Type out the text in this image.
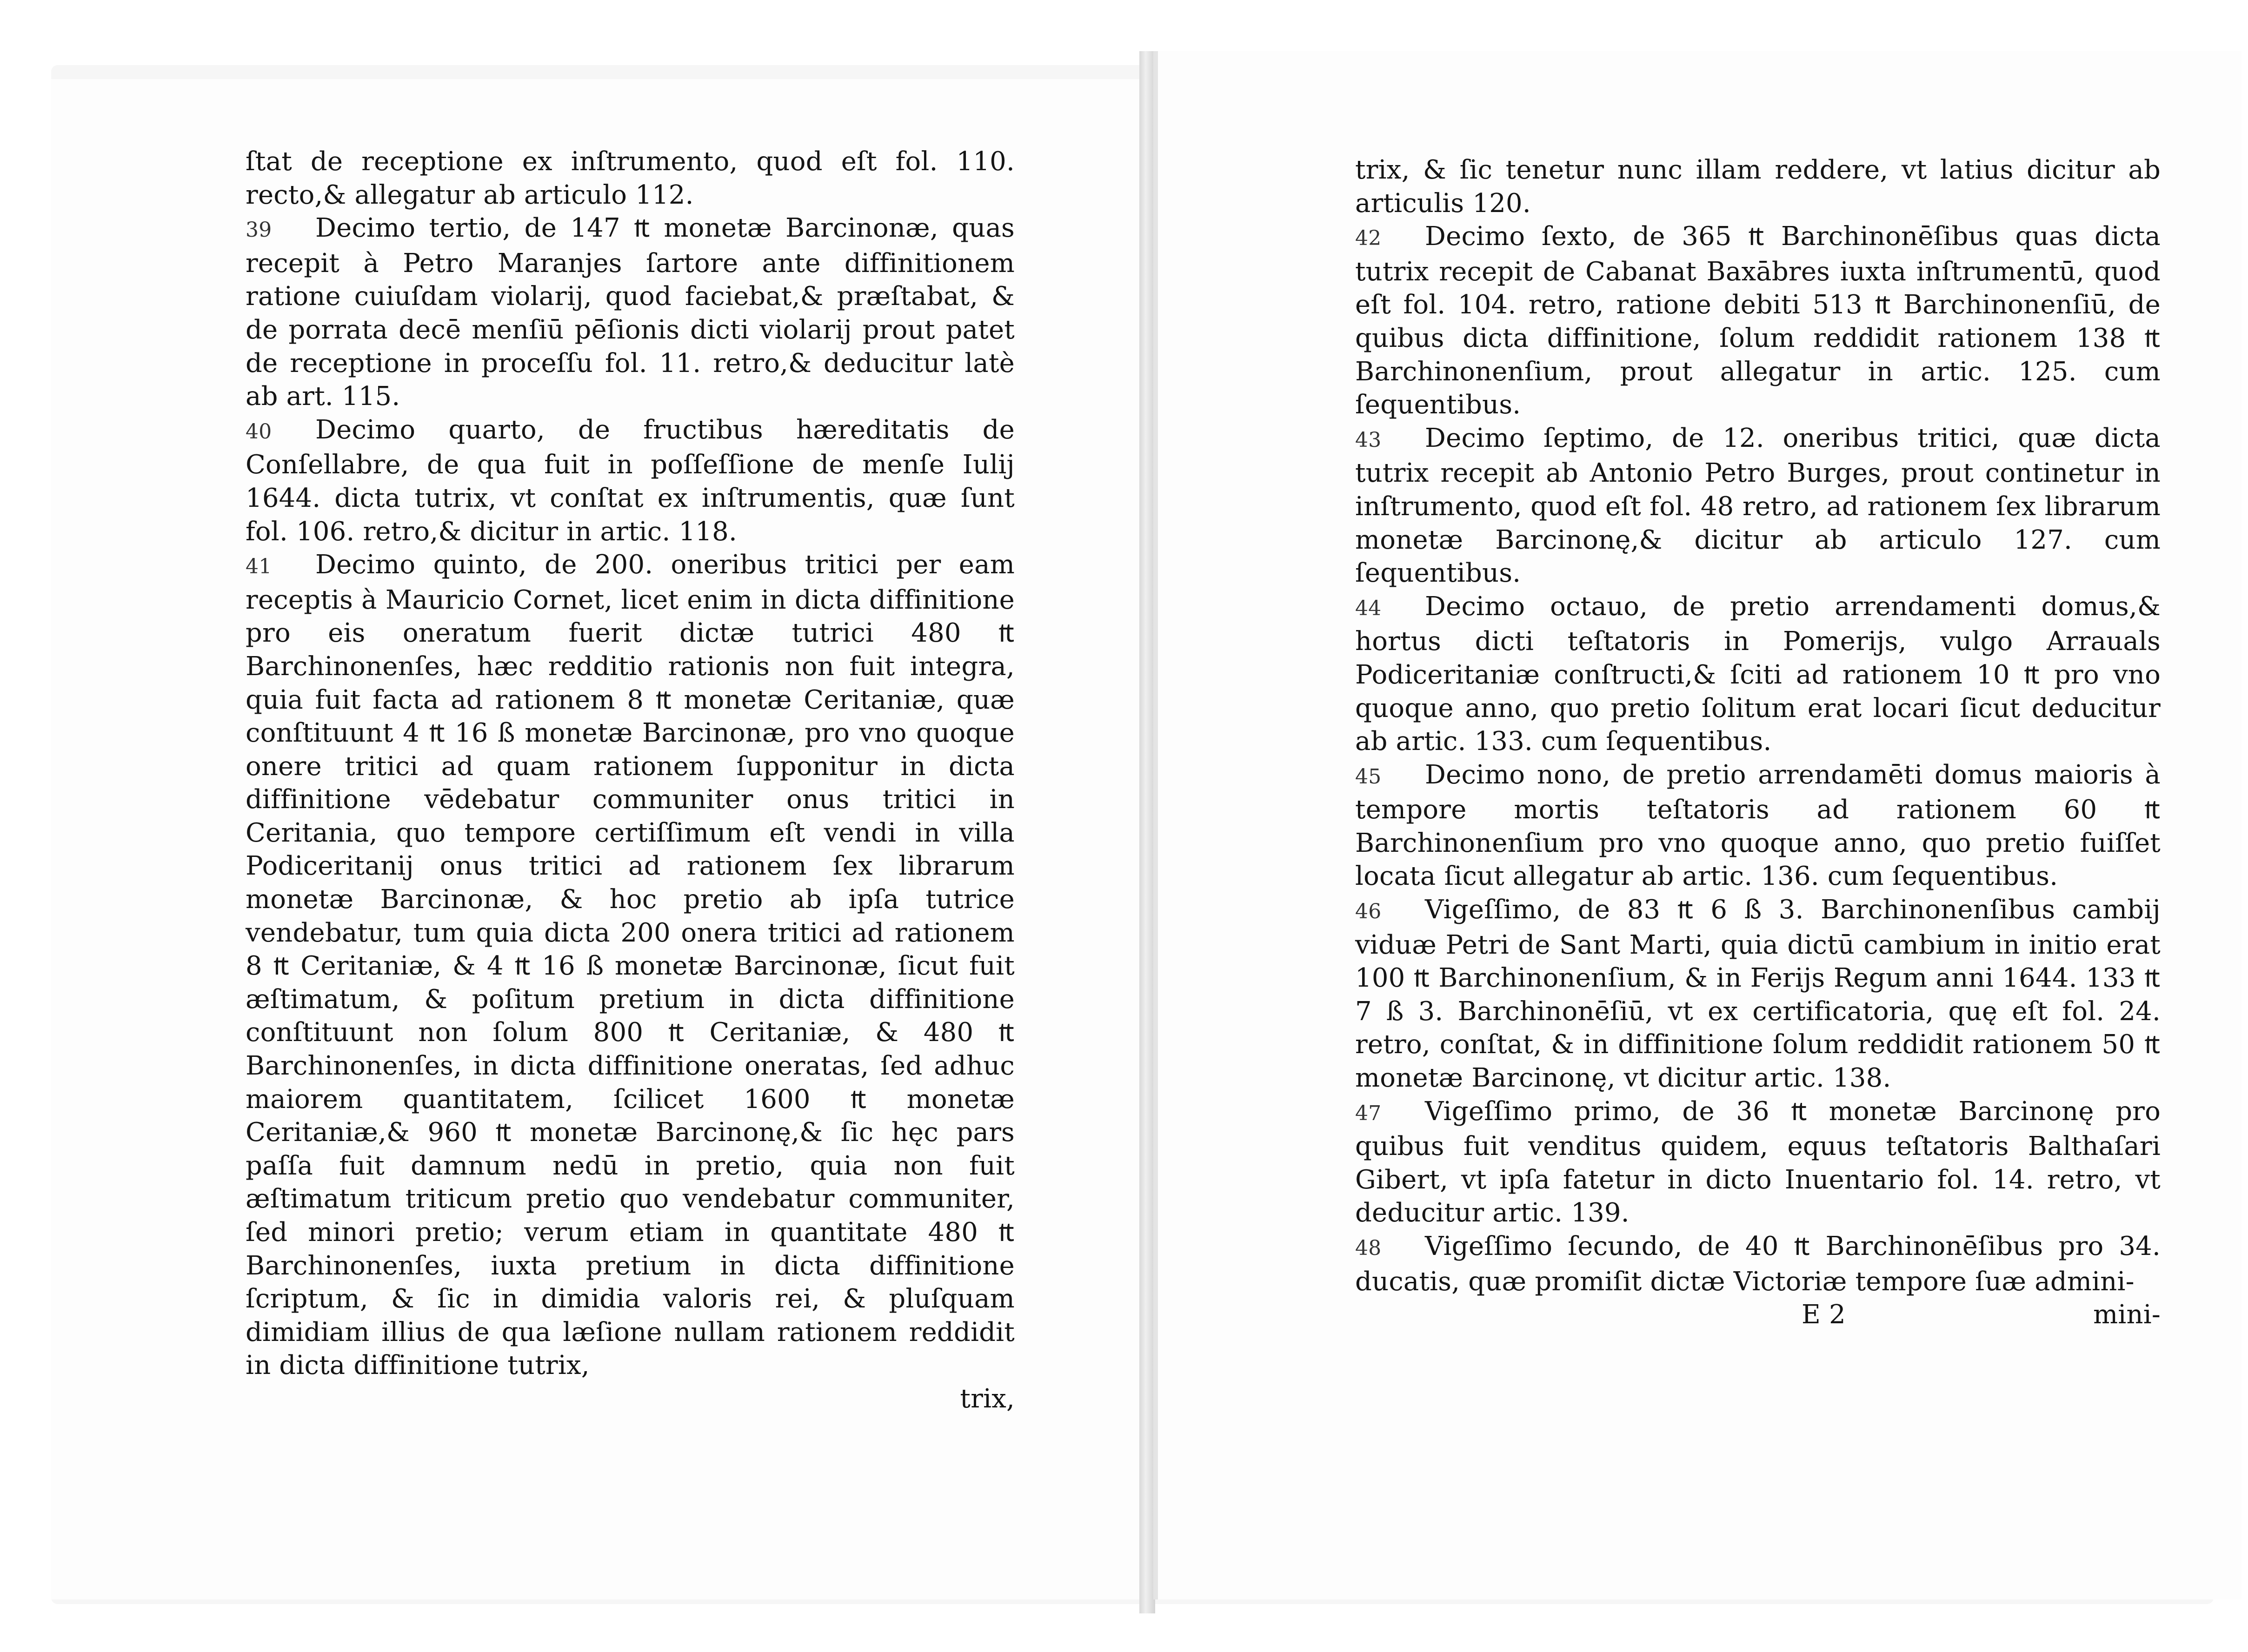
ſtat de receptione ex inſtrumento, quod eſt fol. 110. recto,& allegatur ab articulo 112.

39 Decimo tertio, de 147 ₶ monetæ Barcinonæ, quas recepit à Petro Maranjes ſartore ante diffinitionem ratione cuiuſdam violarij, quod faciebat,& præſtabat, & de porrata decē menſiū pēſionis dicti violarij prout patet de receptione in proceſſu fol. 11. retro,& deducitur latè ab art. 115.

40 Decimo quarto, de fructibus hæreditatis de Conſellabre, de qua fuit in poſſeſſione de menſe Iulij 1644. dicta tutrix, vt conſtat ex inſtrumentis, quæ ſunt fol. 106. retro,& dicitur in artic. 118.

41 Decimo quinto, de 200. oneribus tritici per eam receptis à Mauricio Cornet, licet enim in dicta diffinitione pro eis oneratum fuerit dictæ tutrici 480 ₶ Barchinonenſes, hæc redditio rationis non fuit integra, quia fuit facta ad rationem 8 ₶ monetæ Ceritaniæ, quæ conſtituunt 4 ₶ 16 ß monetæ Barcinonæ, pro vno quoque onere tritici ad quam rationem ſupponitur in dicta diffinitione vēdebatur communiter onus tritici in Ceritania, quo tempore certiſſimum eſt vendi in villa Podiceritanij onus tritici ad rationem ſex librarum monetæ Barcinonæ, & hoc pretio ab ipſa tutrice vendebatur, tum quia dicta 200 onera tritici ad rationem 8 ₶ Ceritaniæ, & 4 ₶ 16 ß monetæ Barcinonæ, ſicut fuit æſtimatum, & poſitum pretium in dicta diffinitione conſtituunt non ſolum 800 ₶ Ceritaniæ, & 480 ₶ Barchinonenſes, in dicta diffinitione oneratas, ſed adhuc maiorem quantitatem, ſcilicet 1600 ₶ monetæ Ceritaniæ,& 960 ₶ monetæ Barcinonę,& ſic hęc pars paſſa fuit damnum nedū in pretio, quia non fuit æſtimatum triticum pretio quo vendebatur communiter, ſed minori pretio; verum etiam in quantitate 480 ₶ Barchinonenſes, iuxta pretium in dicta diffinitione ſcriptum, & ſic in dimidia valoris rei, & pluſquam dimidiam illius de qua læſione nullam rationem reddidit in dicta diffinitione tutrix,

trix,

trix, & ſic tenetur nunc illam reddere, vt latius dicitur ab articulis 120.

42 Decimo ſexto, de 365 ₶ Barchinonēſibus quas dicta tutrix recepit de Cabanat Baxābres iuxta inſtrumentū, quod eſt fol. 104. retro, ratione debiti 513 ₶ Barchinonenſiū, de quibus dicta diffinitione, ſolum reddidit rationem 138 ₶ Barchinonenſium, prout allegatur in artic. 125. cum ſequentibus.

43 Decimo ſeptimo, de 12. oneribus tritici, quæ dicta tutrix recepit ab Antonio Petro Burges, prout continetur in inſtrumento, quod eſt fol. 48 retro, ad rationem ſex librarum monetæ Barcinonę,& dicitur ab articulo 127. cum ſequentibus.

44 Decimo octauo, de pretio arrendamenti domus,& hortus dicti teſtatoris in Pomerijs, vulgo Arrauals Podiceritaniæ conſtructi,& ſciti ad rationem 10 ₶ pro vno quoque anno, quo pretio ſolitum erat locari ſicut deducitur ab artic. 133. cum ſequentibus.

45 Decimo nono, de pretio arrendamēti domus maioris à tempore mortis teſtatoris ad rationem 60 ₶ Barchinonenſium pro vno quoque anno, quo pretio fuiſſet locata ſicut allegatur ab artic. 136. cum ſequentibus.

46 Vigeſſimo, de 83 ₶ 6 ß 3. Barchinonenſibus cambij viduæ Petri de Sant Marti, quia dictū cambium in initio erat 100 ₶ Barchinonenſium, & in Ferijs Regum anni 1644. 133 ₶ 7 ß 3. Barchinonēſiū, vt ex certificatoria, quę eſt fol. 24. retro, conſtat, & in diffinitione ſolum reddidit rationem 50 ₶ monetæ Barcinonę, vt dicitur artic. 138.

47 Vigeſſimo primo, de 36 ₶ monetæ Barcinonę pro quibus fuit venditus quidem, equus teſtatoris Balthaſari Gibert, vt ipſa fatetur in dicto Inuentario fol. 14. retro, vt deducitur artic. 139.

48 Vigeſſimo ſecundo, de 40 ₶ Barchinonēſibus pro 34. ducatis, quæ promiſit dictæ Victoriæ tempore ſuæ admini-

E 2	mini-
